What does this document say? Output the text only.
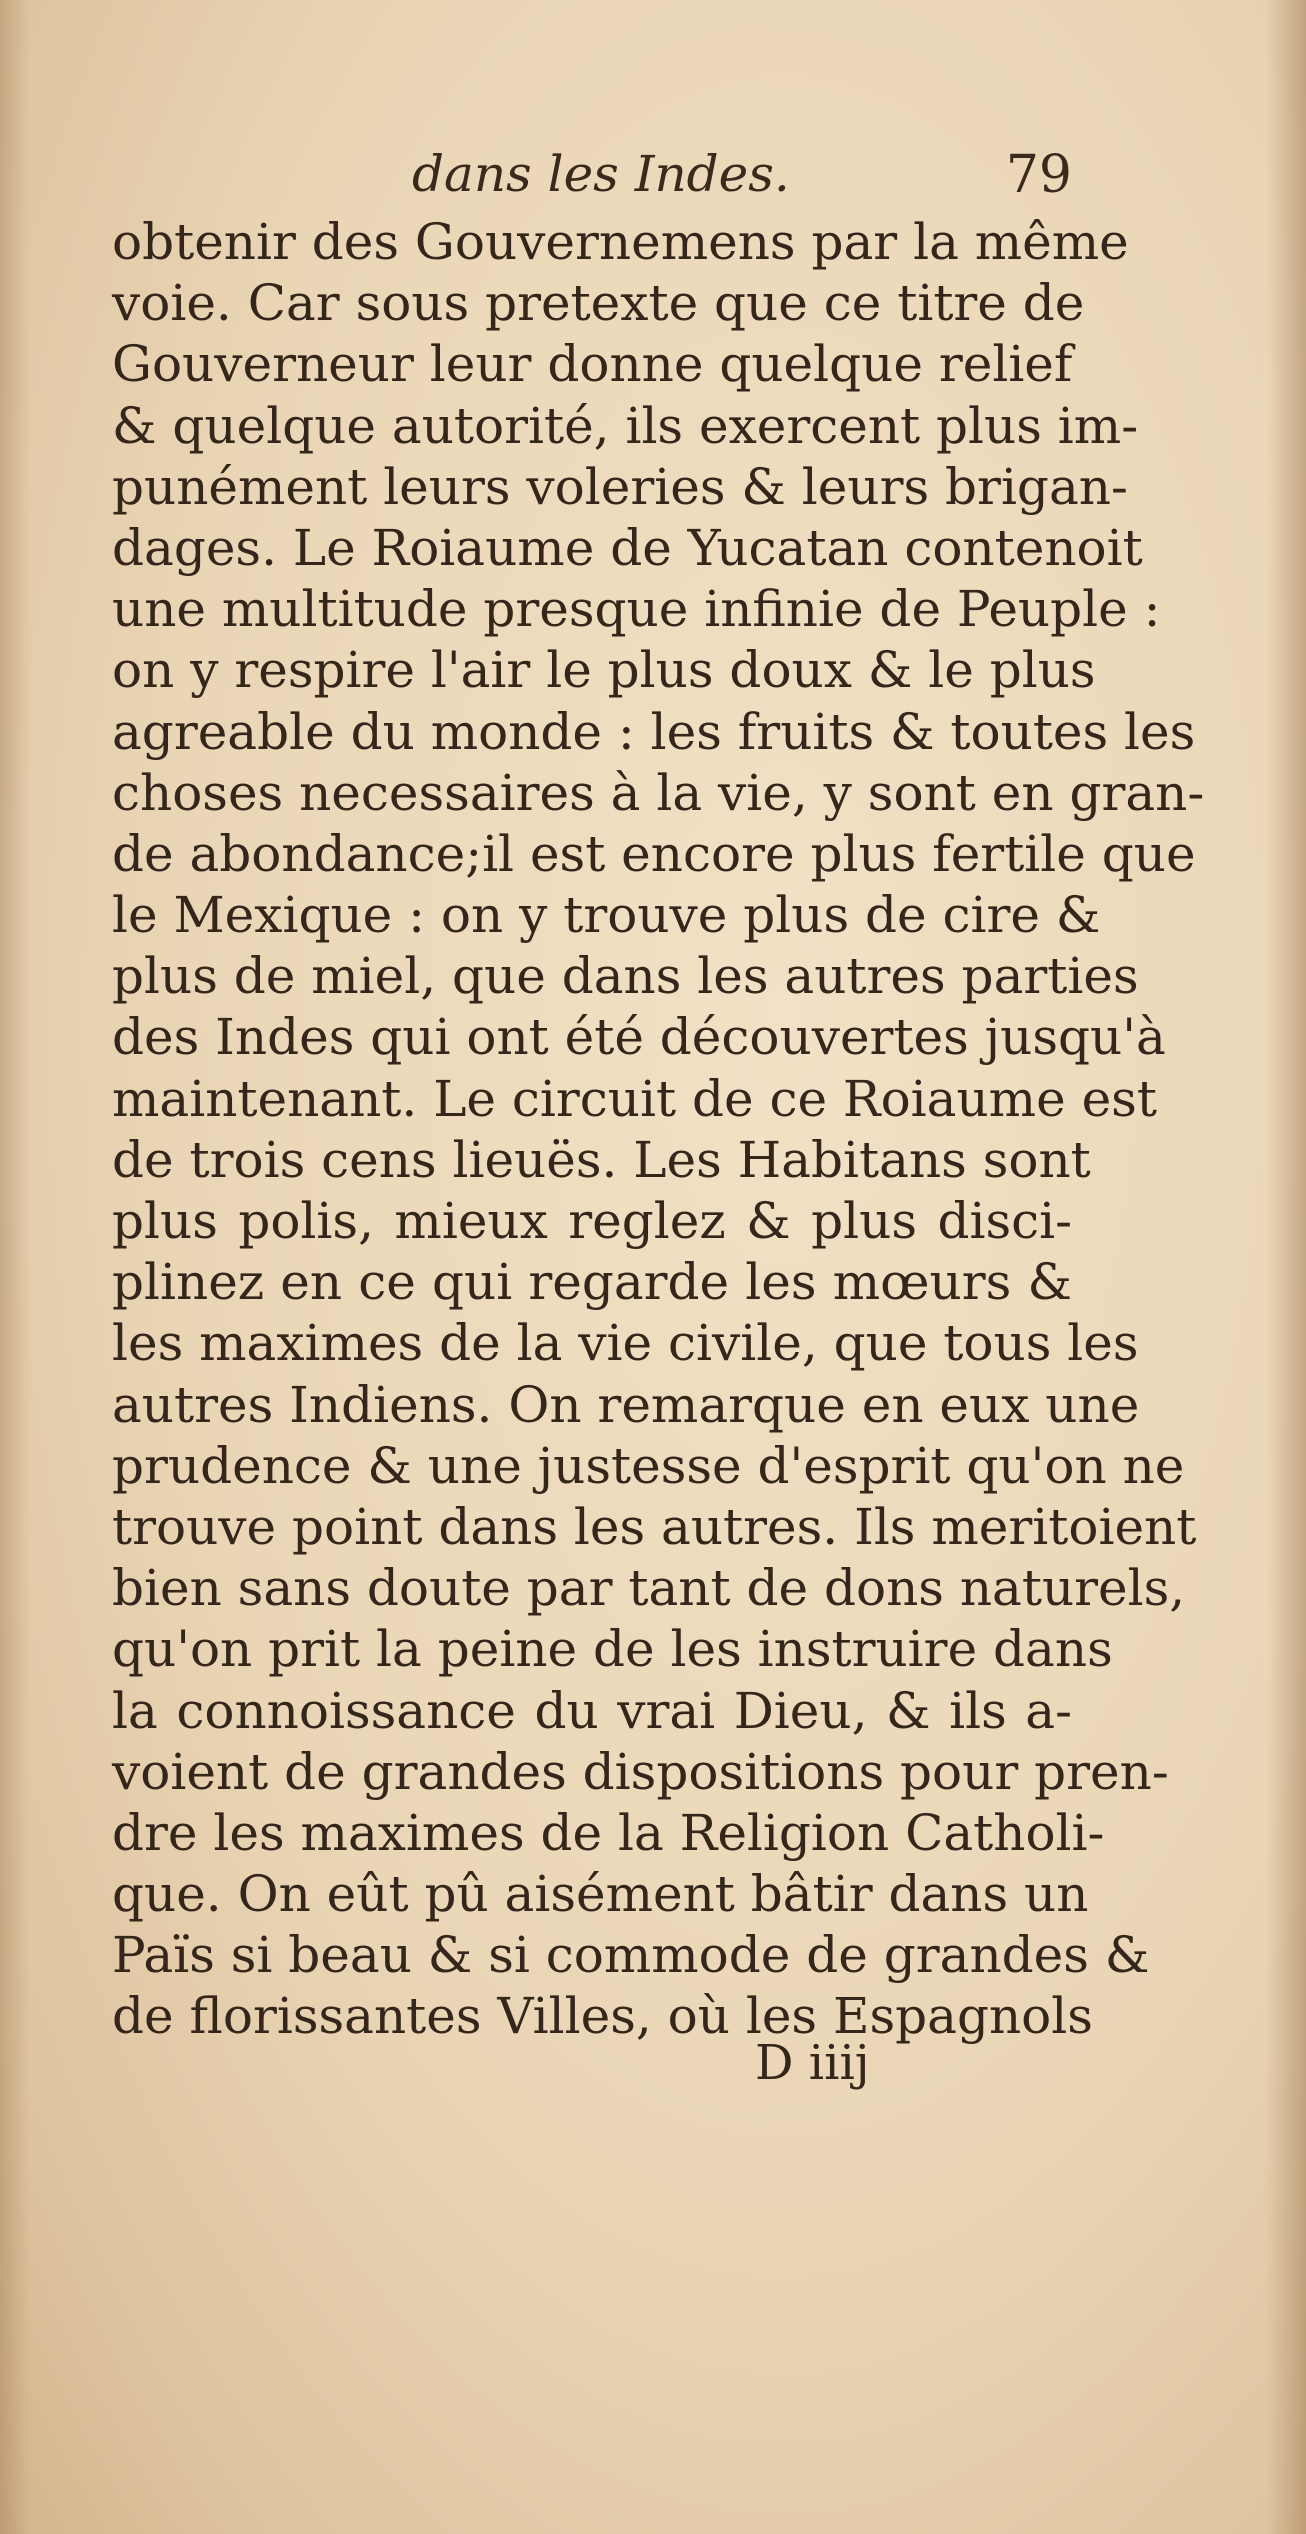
dans les Indes.	79
obtenir des Gouvernemens par la même
voie. Car sous pretexte que ce titre de
Gouverneur leur donne quelque relief
& quelque autorité, ils exercent plus im-
punément leurs voleries & leurs brigan-
dages. Le Roiaume de Yucatan contenoit
une multitude presque infinie de Peuple :
on y respire l'air le plus doux & le plus
agreable du monde : les fruits & toutes les
choses necessaires à la vie, y sont en gran-
de abondance;il est encore plus fertile que
le Mexique : on y trouve plus de cire &
plus de miel, que dans les autres parties
des Indes qui ont été découvertes jusqu'à
maintenant. Le circuit de ce Roiaume est
de trois cens lieuës. Les Habitans sont
plus polis, mieux reglez & plus disci-
plinez en ce qui regarde les mœurs &
les maximes de la vie civile, que tous les
autres Indiens. On remarque en eux une
prudence & une justesse d'esprit qu'on ne
trouve point dans les autres. Ils meritoient
bien sans doute par tant de dons naturels,
qu'on prit la peine de les instruire dans
la connoissance du vrai Dieu, & ils a-
voient de grandes dispositions pour pren-
dre les maximes de la Religion Catholi-
que. On eût pû aisément bâtir dans un
Païs si beau & si commode de grandes &
de florissantes Villes, où les Espagnols
D iiij
